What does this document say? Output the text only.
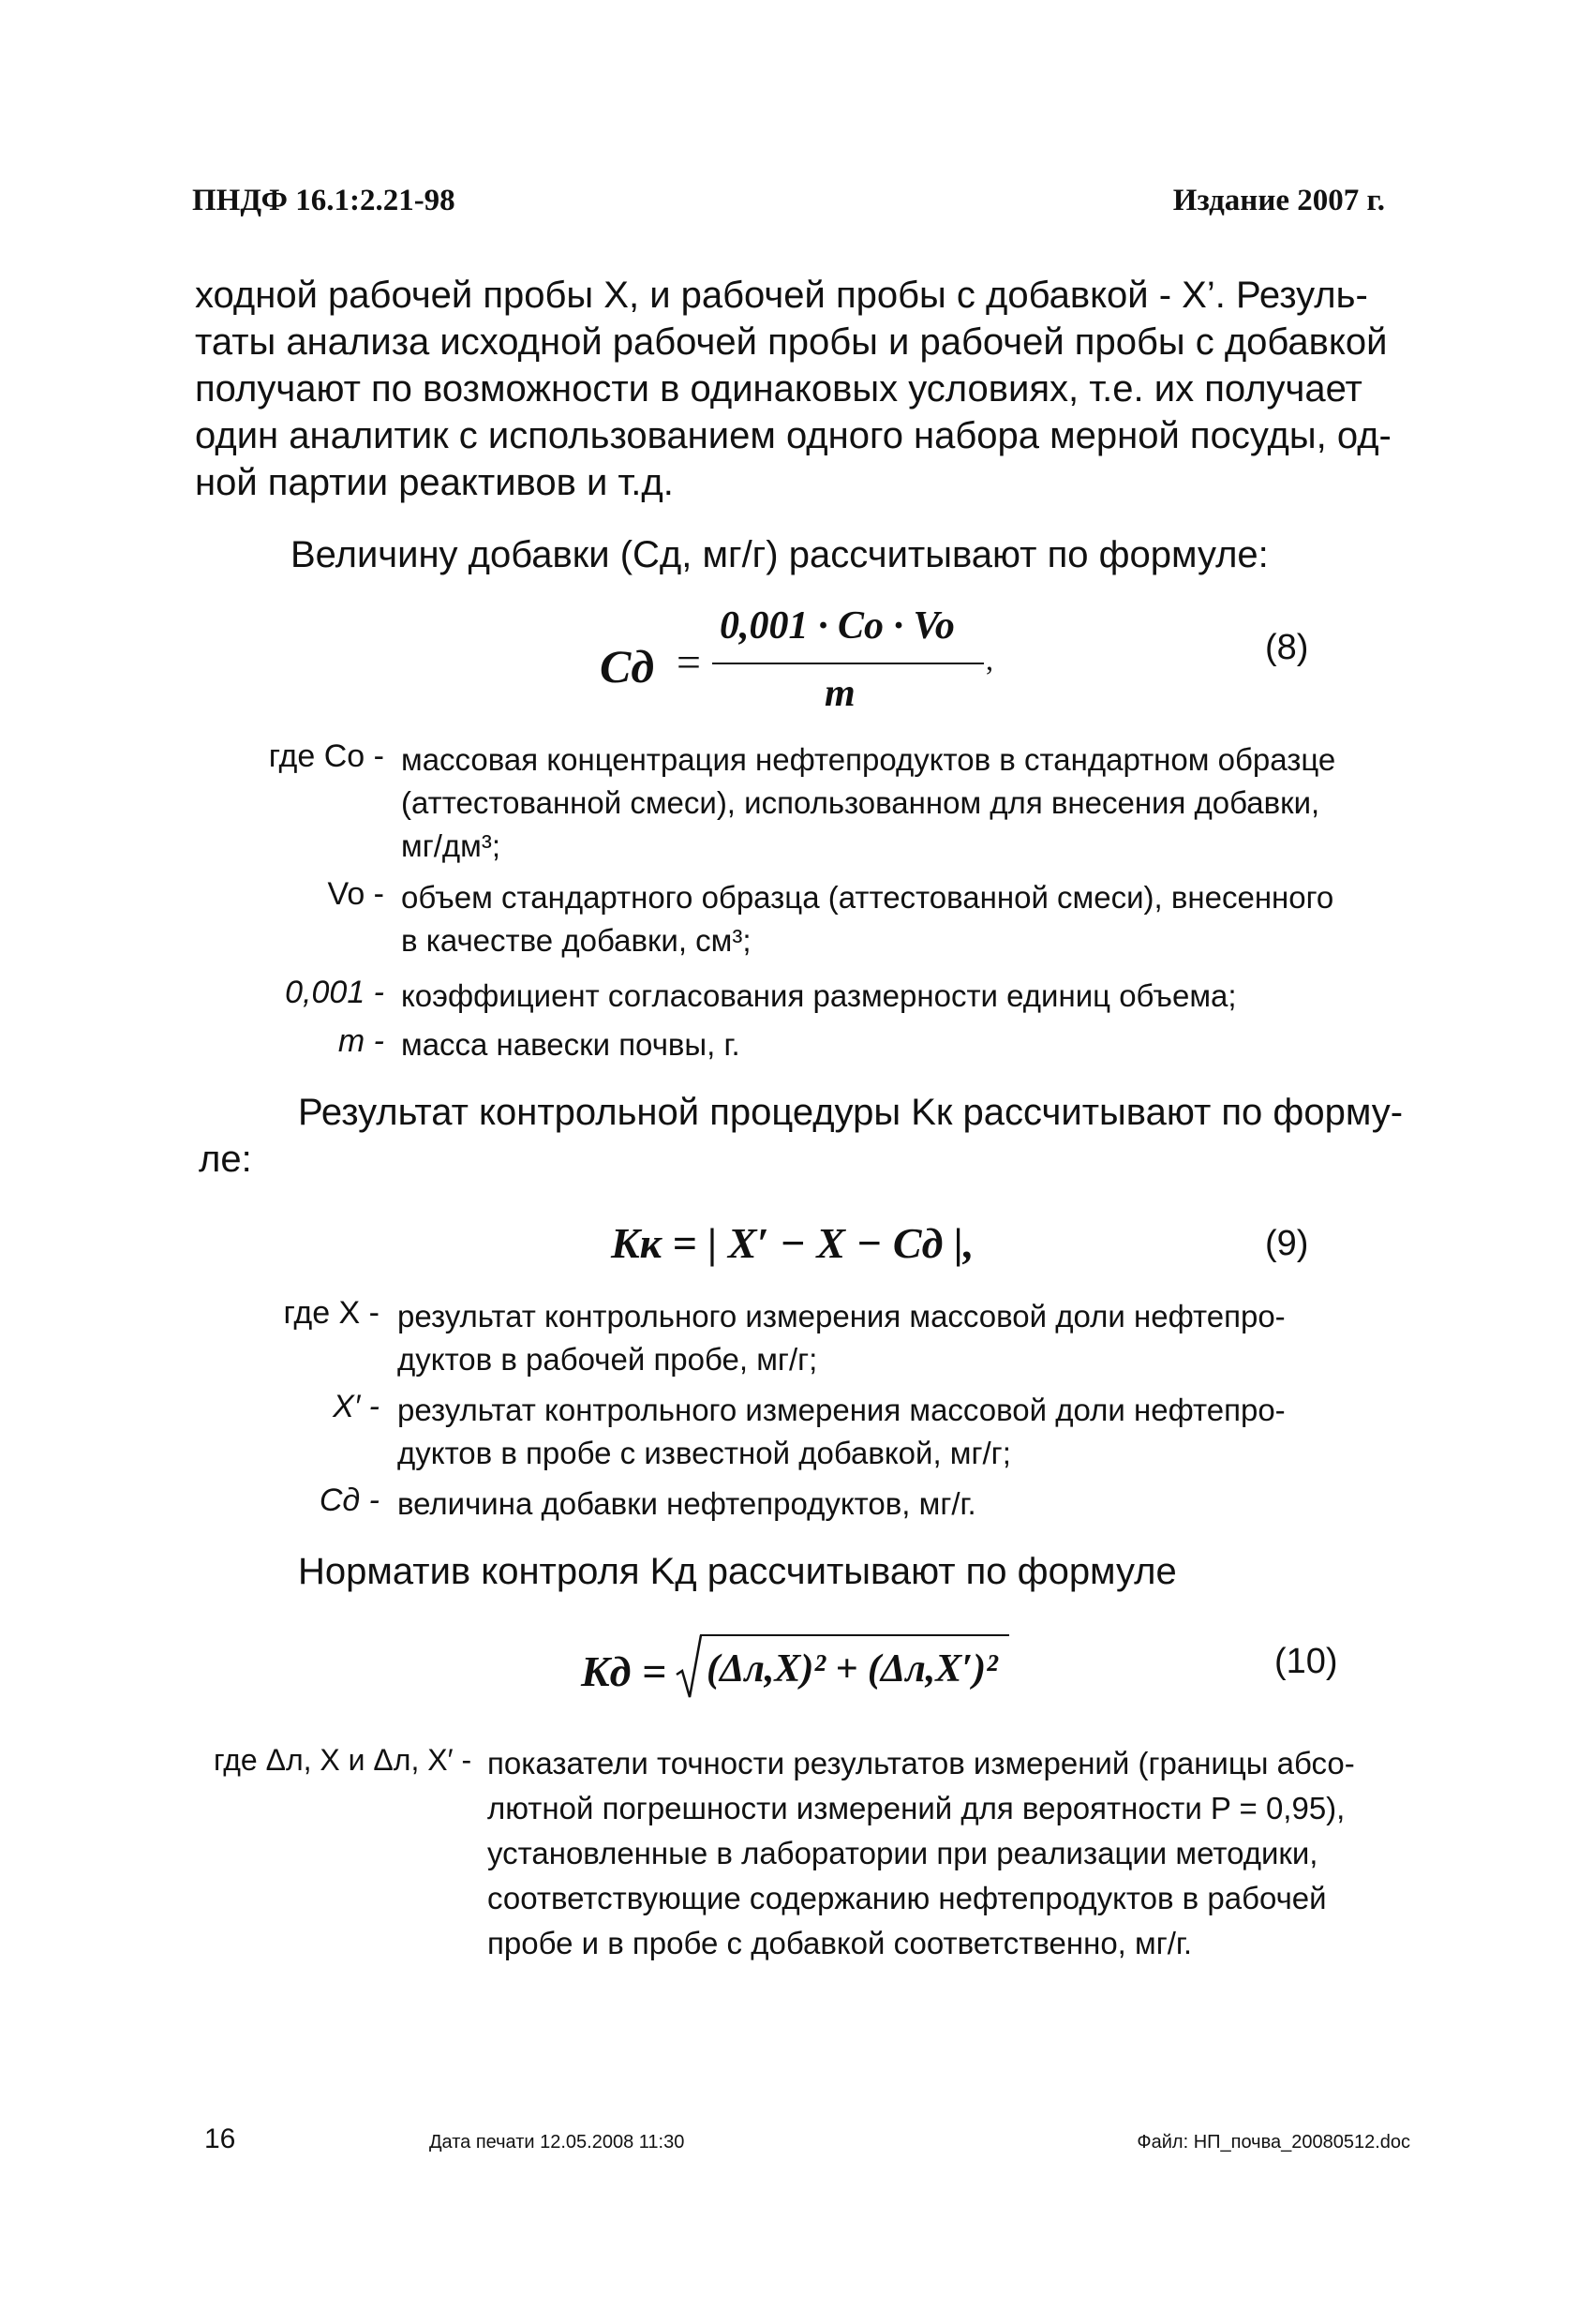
ПНДФ 16.1:2.21-98	Издание 2007 г.
ходной рабочей пробы X, и рабочей пробы с добавкой - X’. Резуль-
таты анализа исходной рабочей пробы и рабочей пробы с добавкой
получают по возможности в одинаковых условиях, т.е. их получает
один аналитик с использованием одного набора мерной посуды, од-
ной партии реактивов и т.д.
Величину добавки (Cд, мг/г) рассчитывают по формуле:
Cд =
0,001 · Co · Vo
m
,	(8)
где Co - массовая концентрация нефтепродуктов в стандартном образце
(аттестованной смеси), использованном для внесения добавки,
мг/дм³;
Vo - объем стандартного образца (аттестованной смеси), внесенного
в качестве добавки, см³;
0,001 - коэффициент согласования размерности единиц объема;
m - масса навески почвы, г.
Результат контрольной процедуры Kк рассчитывают по форму-
ле:
Kк = | X′ − X − Cд |,	(9)
где X - результат контрольного измерения массовой доли нефтепро-
дуктов в рабочей пробе, мг/г;
X′ - результат контрольного измерения массовой доли нефтепро-
дуктов в пробе с известной добавкой, мг/г;
Cд - величина добавки нефтепродуктов, мг/г.
Норматив контроля Kд рассчитывают по формуле
Kд = (Δл,X)² + (Δл,X′)²	(10)
где Δл, X и Δл, X′ - показатели точности результатов измерений (границы абсо-
лютной погрешности измерений для вероятности P = 0,95),
установленные в лаборатории при реализации методики,
соответствующие содержанию нефтепродуктов в рабочей
пробе и в пробе с добавкой соответственно, мг/г.
16	Дата печати 12.05.2008 11:30	Файл: НП_почва_20080512.doc
